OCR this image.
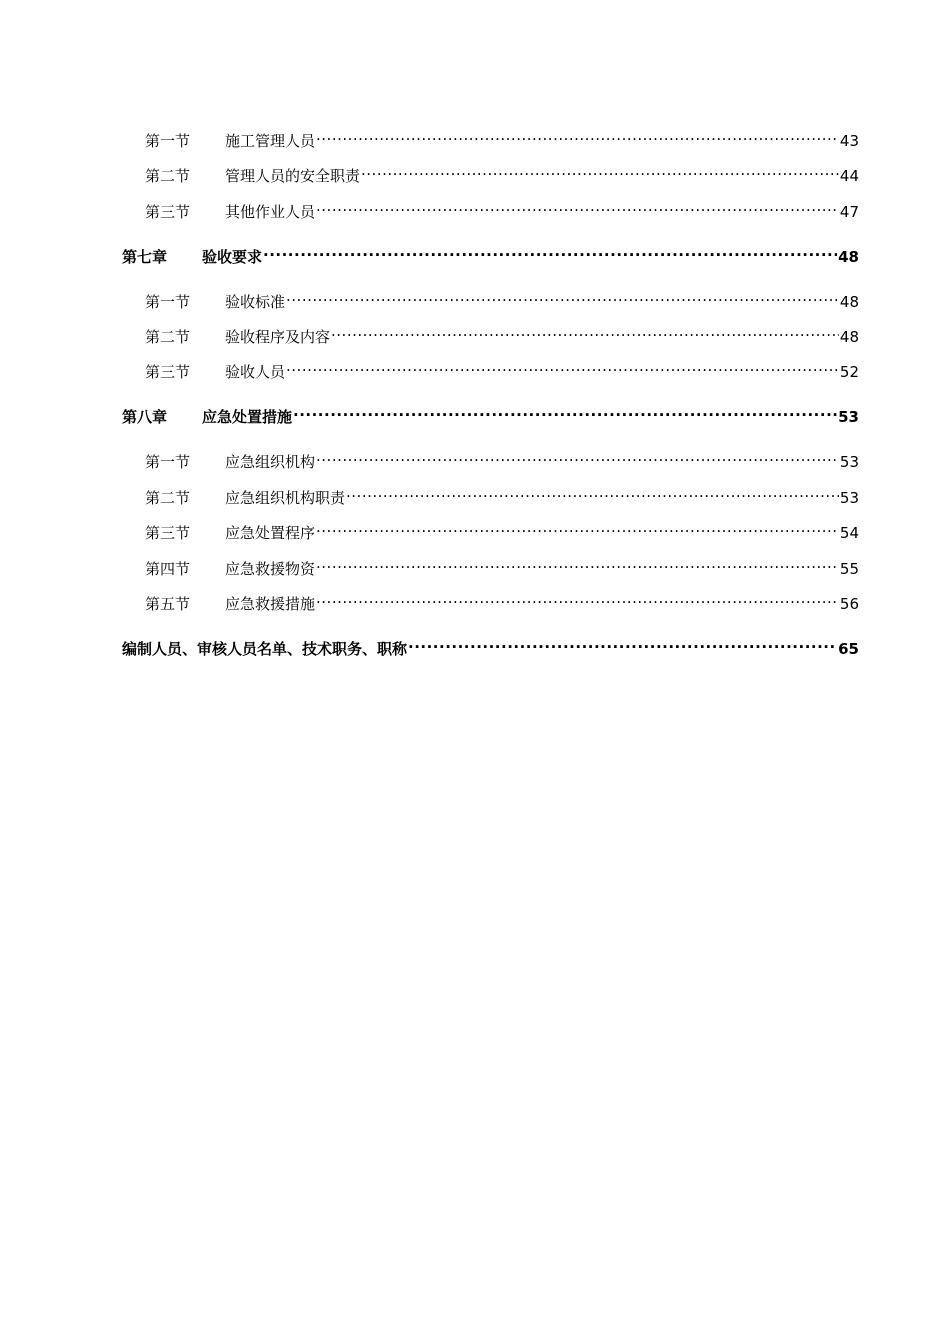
第一节	施工管理人员 .....	43
第二节	管理人员的安全职责 .....	44
第三节	其他作业人员 .....	47
第七章	验收要求 .....	48
第一节	验收标准 .....	48
第二节	验收程序及内容 .....	48
第三节	验收人员 .....	52
第八章	应急处置措施 .....	53
第一节	应急组织机构 .....	53
第二节	应急组织机构职责 .....	53
第三节	应急处置程序 .....	54
第四节	应急救援物资 .....	55
第五节	应急救援措施 .....	56
编制人员、审核人员名单、技术职务、职称 .....	65
